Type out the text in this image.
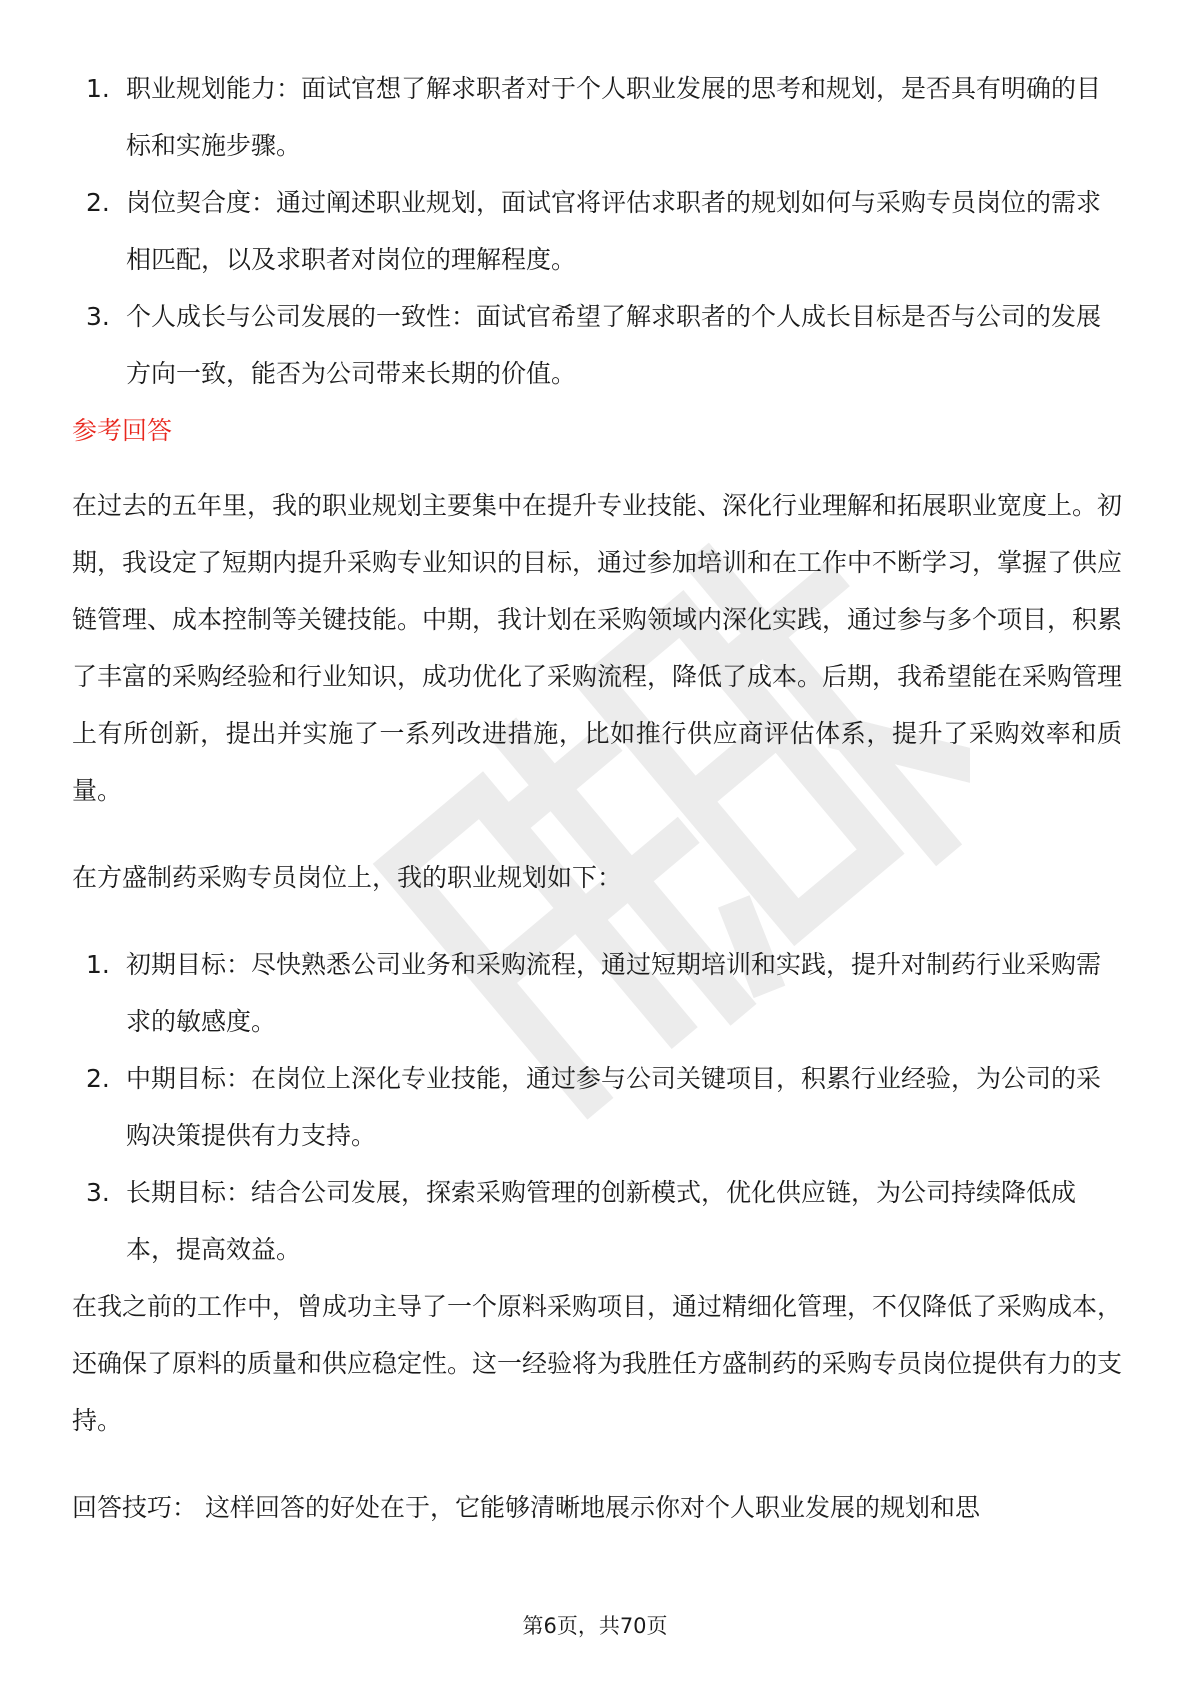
1. 职业规划能力：面试官想了解求职者对于个人职业发展的思考和规划，是否具有明确的目标和实施步骤。
2. 岗位契合度：通过阐述职业规划，面试官将评估求职者的规划如何与采购专员岗位的需求相匹配，以及求职者对岗位的理解程度。
3. 个人成长与公司发展的一致性：面试官希望了解求职者的个人成长目标是否与公司的发展方向一致，能否为公司带来长期的价值。
参考回答

在过去的五年里，我的职业规划主要集中在提升专业技能、深化行业理解和拓展职业宽度上。初期，我设定了短期内提升采购专业知识的目标，通过参加培训和在工作中不断学习，掌握了供应链管理、成本控制等关键技能。中期，我计划在采购领域内深化实践，通过参与多个项目，积累了丰富的采购经验和行业知识，成功优化了采购流程，降低了成本。后期，我希望能在采购管理上有所创新，提出并实施了一系列改进措施，比如推行供应商评估体系，提升了采购效率和质量。

在方盛制药采购专员岗位上，我的职业规划如下：

1. 初期目标：尽快熟悉公司业务和采购流程，通过短期培训和实践，提升对制药行业采购需求的敏感度。
2. 中期目标：在岗位上深化专业技能，通过参与公司关键项目，积累行业经验，为公司的采购决策提供有力支持。
3. 长期目标：结合公司发展，探索采购管理的创新模式，优化供应链，为公司持续降低成本，提高效益。

在我之前的工作中，曾成功主导了一个原料采购项目，通过精细化管理，不仅降低了采购成本，还确保了原料的质量和供应稳定性。这一经验将为我胜任方盛制药的采购专员岗位提供有力的支持。

回答技巧： 这样回答的好处在于，它能够清晰地展示你对个人职业发展的规划和思

第6页，共70页
